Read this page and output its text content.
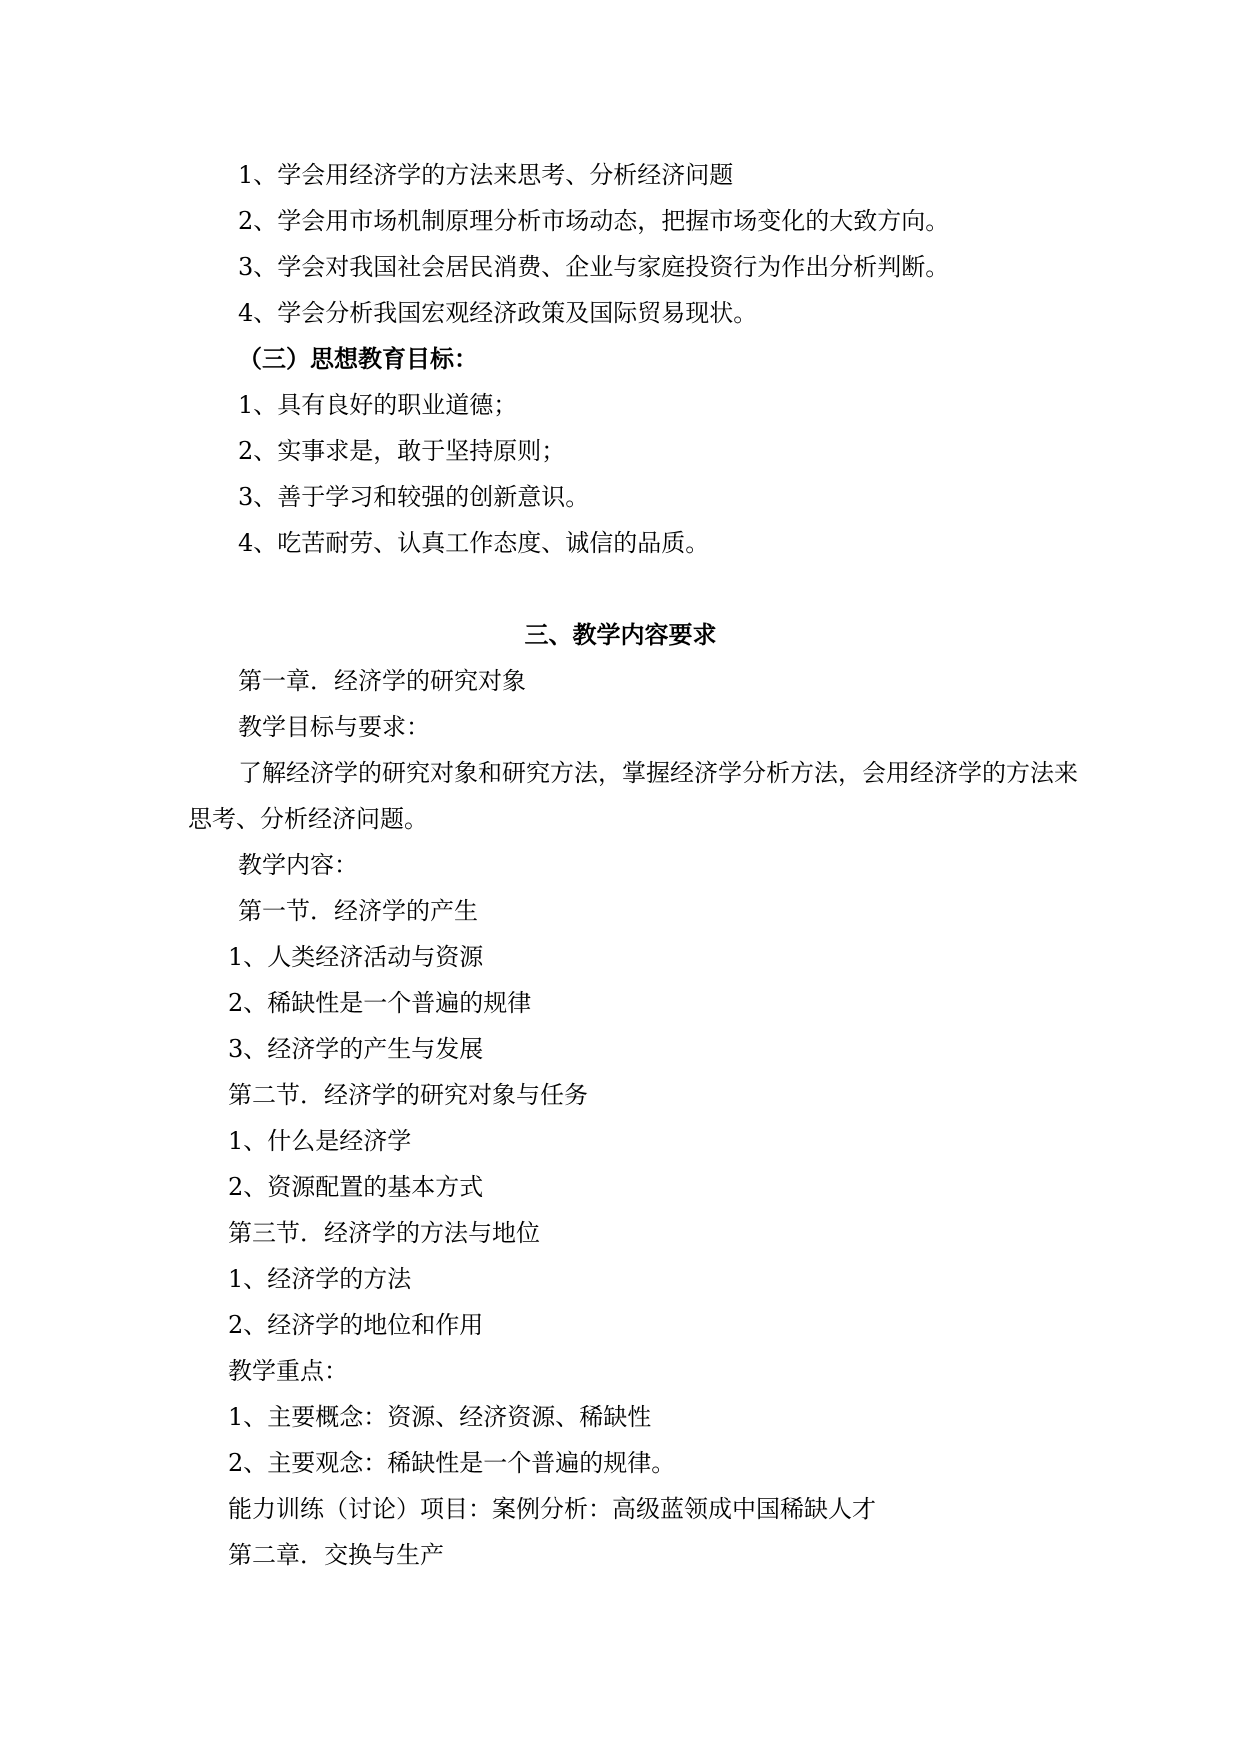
1、学会用经济学的方法来思考、分析经济问题
2、学会用市场机制原理分析市场动态，把握市场变化的大致方向。
3、学会对我国社会居民消费、企业与家庭投资行为作出分析判断。
4、学会分析我国宏观经济政策及国际贸易现状。
（三）思想教育目标：
1、具有良好的职业道德；
2、实事求是，敢于坚持原则；
3、善于学习和较强的创新意识。
4、吃苦耐劳、认真工作态度、诚信的品质。
三、教学内容要求
第一章．经济学的研究对象
教学目标与要求：
了解经济学的研究对象和研究方法，掌握经济学分析方法，会用经济学的方法来
思考、分析经济问题。
教学内容：
第一节．经济学的产生
1、人类经济活动与资源
2、稀缺性是一个普遍的规律
3、经济学的产生与发展
第二节．经济学的研究对象与任务
1、什么是经济学
2、资源配置的基本方式
第三节．经济学的方法与地位
1、经济学的方法
2、经济学的地位和作用
教学重点：
1、主要概念：资源、经济资源、稀缺性
2、主要观念：稀缺性是一个普遍的规律。
能力训练（讨论）项目：案例分析：高级蓝领成中国稀缺人才
第二章．交换与生产
